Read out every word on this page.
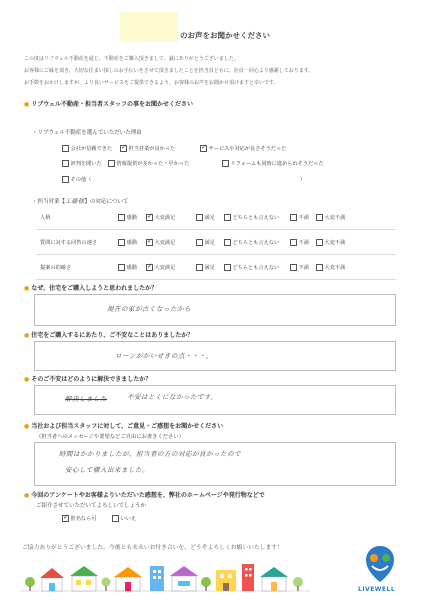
のお声をお聞かせください
この度はリブウェル不動産を通じ、不動産をご購入頂きまして、誠にありがとうございました。
お客様にご縁を頂き、大切な住まい探しのお手伝いをさせて頂きましたことを担当員ともに、社員一同心より感謝しております。
お手数をおかけしますが、より良いサービスをご提供できるよう、お客様のお声をお聞かせ頂けますと幸いです。
● リブウェル不動産・担当者スタッフの事をお聞かせください
・リブウェル不動産を選んでいただいた理由
会社が信頼できた ✓ 担当営業が良かった	✓ サービスや対応が良さそうだった
評判を聞いた	情報提供が多かった・早かった	リフォームも同時に進められそうだった
その他（	）
・担当営業【工藤様】の対応について
人柄	感動 ✓ 大変満足	満足	どちらとも言えない	不満	大変不満
質問に対する回答の速さ	感動 ✓ 大変満足	満足	どちらとも言えない	不満	大変不満
提案の的確さ	感動 ✓ 大変満足	満足	どちらとも言えない	不満	大変不満
● なぜ、住宅をご購入しようと思われましたか？
現在の家が古くなったから
● 住宅をご購入するにあたり、ご不安なことはありましたか？
ローンがかいせきの点・・・。
● そのご不安はどのように解決できましたか？
解決しました	不安はとくになかったです。
● 当社および担当スタッフに対して、ご意見・ご感想をお聞かせください
（担当者へのメッセージや要望などご自由にお書きください）
時間はかかりましたが、担当者の方の対応が良かったので
安心して購入出来ました。
● 今回のアンケートやお客様よりいただいた感想を、弊社のホームページや発行物などで
ご紹介させていただいてよろしいでしょうか
✓ 匿名なら可	いいえ
ご協力ありがとうございました。今後とも末永いお付き合いを、どうぞよろしくお願いいたします！
LIVEWELL
